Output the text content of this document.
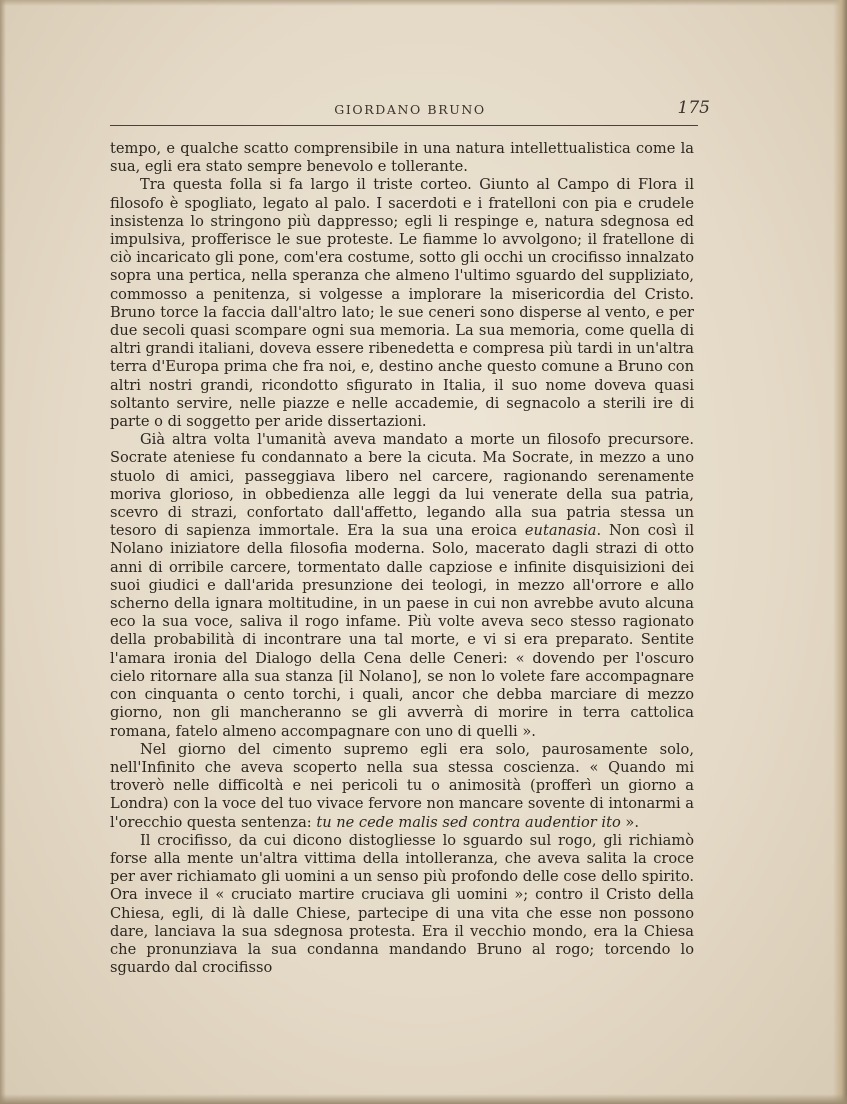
GIORDANO BRUNO	175

tempo, e qualche scatto comprensibile in una natura intellettualistica come la sua, egli era stato sempre benevolo e tollerante.

Tra questa folla si fa largo il triste corteo. Giunto al Campo di Flora il filosofo è spogliato, legato al palo. I sacerdoti e i fratelloni con pia e crudele insistenza lo stringono più dappresso; egli li respinge e, natura sdegnosa ed impulsiva, profferisce le sue proteste. Le fiamme lo avvolgono; il fratellone di ciò incaricato gli pone, com'era costume, sotto gli occhi un crocifisso innalzato sopra una pertica, nella speranza che almeno l'ultimo sguardo del suppliziato, commosso a penitenza, si volgesse a implorare la misericordia del Cristo. Bruno torce la faccia dall'altro lato; le sue ceneri sono disperse al vento, e per due secoli quasi scompare ogni sua memoria. La sua memoria, come quella di altri grandi italiani, doveva essere ribenedetta e compresa più tardi in un'altra terra d'Europa prima che fra noi, e, destino anche questo comune a Bruno con altri nostri grandi, ricondotto sfigurato in Italia, il suo nome doveva quasi soltanto servire, nelle piazze e nelle accademie, di segnacolo a sterili ire di parte o di soggetto per aride dissertazioni.

Già altra volta l'umanità aveva mandato a morte un filosofo precursore. Socrate ateniese fu condannato a bere la cicuta. Ma Socrate, in mezzo a uno stuolo di amici, passeggiava libero nel carcere, ragionando serenamente moriva glorioso, in obbedienza alle leggi da lui venerate della sua patria, scevro di strazi, confortato dall'affetto, legando alla sua patria stessa un tesoro di sapienza immortale. Era la sua una eroica eutanasia. Non così il Nolano iniziatore della filosofia moderna. Solo, macerato dagli strazi di otto anni di orribile carcere, tormentato dalle capziose e infinite disquisizioni dei suoi giudici e dall'arida presunzione dei teologi, in mezzo all'orrore e allo scherno della ignara moltitudine, in un paese in cui non avrebbe avuto alcuna eco la sua voce, saliva il rogo infame. Più volte aveva seco stesso ragionato della probabilità di incontrare una tal morte, e vi si era preparato. Sentite l'amara ironia del Dialogo della Cena delle Ceneri: « dovendo per l'oscuro cielo ritornare alla sua stanza [il Nolano], se non lo volete fare accompagnare con cinquanta o cento torchi, i quali, ancor che debba marciare di mezzo giorno, non gli mancheranno se gli avverrà di morire in terra cattolica romana, fatelo almeno accompagnare con uno di quelli ».

Nel giorno del cimento supremo egli era solo, paurosamente solo, nell'Infinito che aveva scoperto nella sua stessa coscienza. « Quando mi troverò nelle difficoltà e nei pericoli tu o animosità (profferì un giorno a Londra) con la voce del tuo vivace fervore non mancare sovente di intonarmi a l'orecchio questa sentenza: tu ne cede malis sed contra audentior ito ».

Il crocifisso, da cui dicono distogliesse lo sguardo sul rogo, gli richiamò forse alla mente un'altra vittima della intolleranza, che aveva salita la croce per aver richiamato gli uomini a un senso più profondo delle cose dello spirito. Ora invece il « cruciato martire cruciava gli uomini »; contro il Cristo della Chiesa, egli, di là dalle Chiese, partecipe di una vita che esse non possono dare, lanciava la sua sdegnosa protesta. Era il vecchio mondo, era la Chiesa che pronunziava la sua condanna mandando Bruno al rogo; torcendo lo sguardo dal crocifisso
